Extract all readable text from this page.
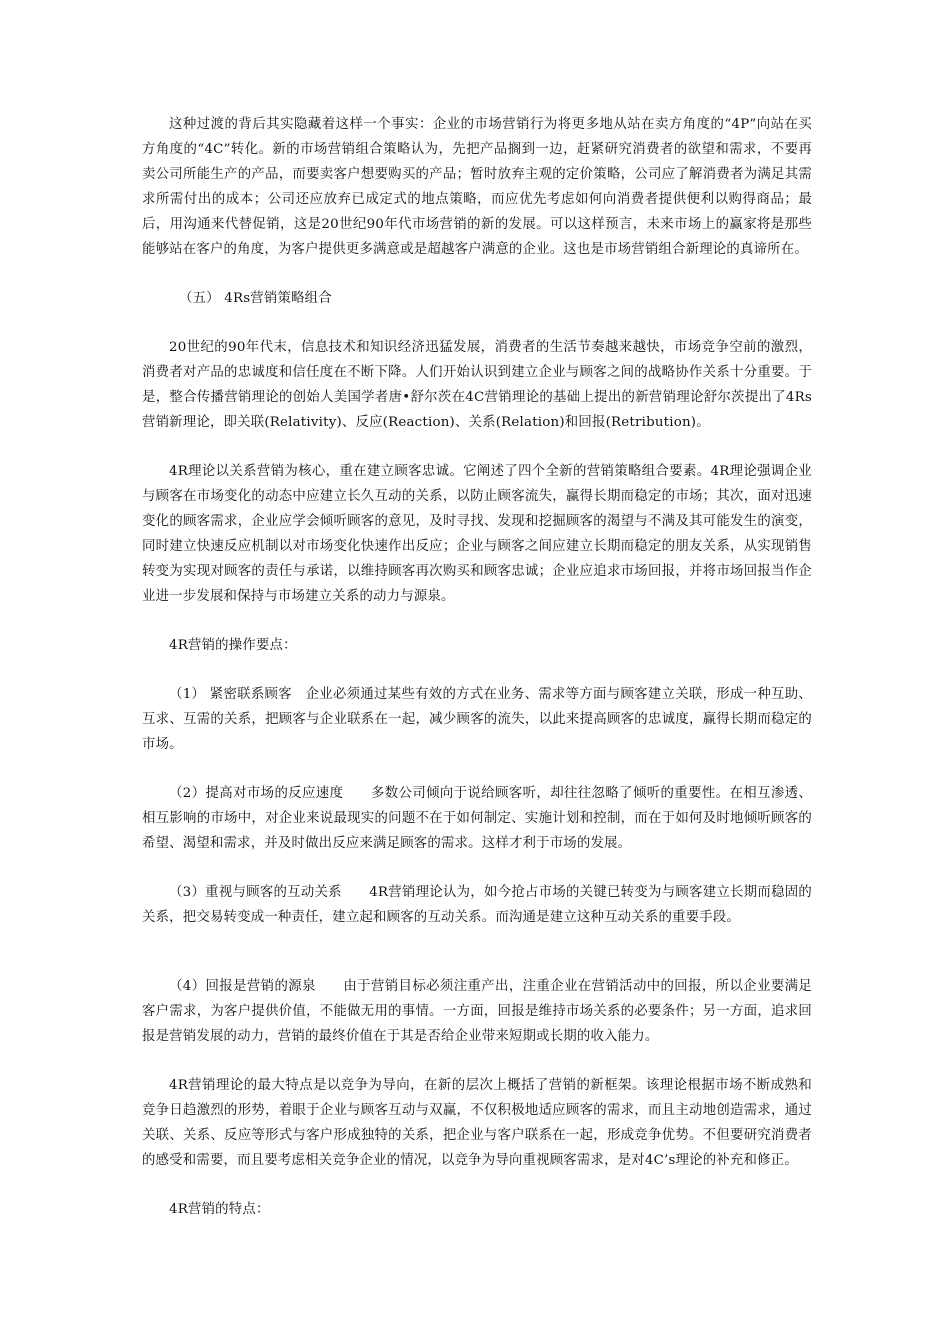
这种过渡的背后其实隐藏着这样一个事实：企业的市场营销行为将更多地从站在卖方角度的“4P”向站在买方角度的“4C”转化。新的市场营销组合策略认为，先把产品搁到一边，赶紧研究消费者的欲望和需求，不要再卖公司所能生产的产品，而要卖客户想要购买的产品；暂时放弃主观的定价策略，公司应了解消费者为满足其需求所需付出的成本；公司还应放弃已成定式的地点策略，而应优先考虑如何向消费者提供便利以购得商品；最后，用沟通来代替促销，这是20世纪90年代市场营销的新的发展。可以这样预言，未来市场上的赢家将是那些能够站在客户的角度，为客户提供更多满意或是超越客户满意的企业。这也是市场营销组合新理论的真谛所在。

（五） 4Rs营销策略组合

20世纪的90年代末，信息技术和知识经济迅猛发展，消费者的生活节奏越来越快，市场竞争空前的激烈，消费者对产品的忠诚度和信任度在不断下降。人们开始认识到建立企业与顾客之间的战略协作关系十分重要。于是，整合传播营销理论的创始人美国学者唐•舒尔茨在4C营销理论的基础上提出的新营销理论舒尔茨提出了4Rs营销新理论，即关联(Relativity)、反应(Reaction)、关系(Relation)和回报(Retribution)。

4R理论以关系营销为核心，重在建立顾客忠诚。它阐述了四个全新的营销策略组合要素。4R理论强调企业与顾客在市场变化的动态中应建立长久互动的关系，以防止顾客流失，赢得长期而稳定的市场；其次，面对迅速变化的顾客需求，企业应学会倾听顾客的意见，及时寻找、发现和挖掘顾客的渴望与不满及其可能发生的演变，同时建立快速反应机制以对市场变化快速作出反应；企业与顾客之间应建立长期而稳定的朋友关系，从实现销售转变为实现对顾客的责任与承诺，以维持顾客再次购买和顾客忠诚；企业应追求市场回报，并将市场回报当作企业进一步发展和保持与市场建立关系的动力与源泉。

4R营销的操作要点：

（1） 紧密联系顾客　企业必须通过某些有效的方式在业务、需求等方面与顾客建立关联，形成一种互助、互求、互需的关系，把顾客与企业联系在一起，减少顾客的流失，以此来提高顾客的忠诚度，赢得长期而稳定的市场。

（2）提高对市场的反应速度　　多数公司倾向于说给顾客听，却往往忽略了倾听的重要性。在相互渗透、相互影响的市场中，对企业来说最现实的问题不在于如何制定、实施计划和控制，而在于如何及时地倾听顾客的希望、渴望和需求，并及时做出反应来满足顾客的需求。这样才利于市场的发展。

（3）重视与顾客的互动关系　　4R营销理论认为，如今抢占市场的关键已转变为与顾客建立长期而稳固的关系，把交易转变成一种责任，建立起和顾客的互动关系。而沟通是建立这种互动关系的重要手段。

（4）回报是营销的源泉　　由于营销目标必须注重产出，注重企业在营销活动中的回报，所以企业要满足客户需求，为客户提供价值，不能做无用的事情。一方面，回报是维持市场关系的必要条件；另一方面，追求回报是营销发展的动力，营销的最终价值在于其是否给企业带来短期或长期的收入能力。

4R营销理论的最大特点是以竞争为导向，在新的层次上概括了营销的新框架。该理论根据市场不断成熟和竞争日趋激烈的形势，着眼于企业与顾客互动与双赢，不仅积极地适应顾客的需求，而且主动地创造需求，通过关联、关系、反应等形式与客户形成独特的关系，把企业与客户联系在一起，形成竞争优势。不但要研究消费者的感受和需要，而且要考虑相关竞争企业的情况，以竞争为导向重视顾客需求，是对4C’s理论的补充和修正。

4R营销的特点：
